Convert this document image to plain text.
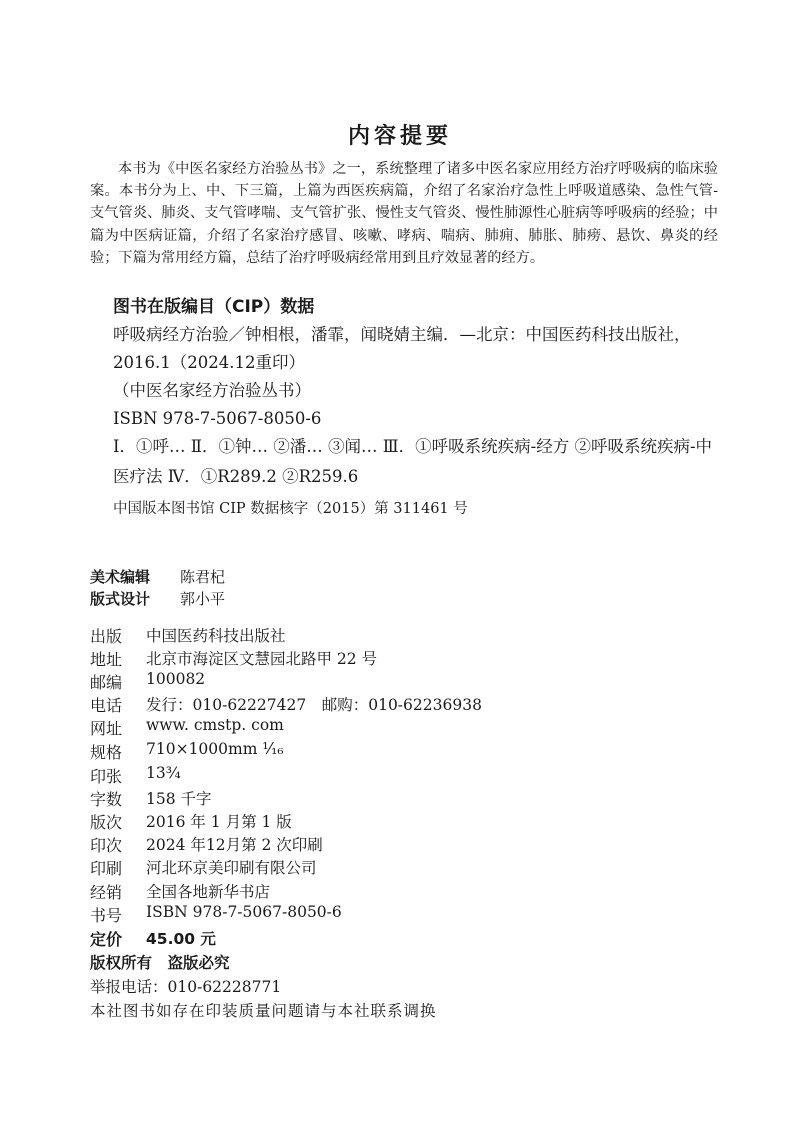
内容提要

本书为《中医名家经方治验丛书》之一，系统整理了诸多中医名家应用经方治疗呼吸病的临床验案。本书分为上、中、下三篇，上篇为西医疾病篇，介绍了名家治疗急性上呼吸道感染、急性气管-支气管炎、肺炎、支气管哮喘、支气管扩张、慢性支气管炎、慢性肺源性心脏病等呼吸病的经验；中篇为中医病证篇，介绍了名家治疗感冒、咳嗽、哮病、喘病、肺痈、肺胀、肺痨、悬饮、鼻炎的经验；下篇为常用经方篇，总结了治疗呼吸病经常用到且疗效显著的经方。

图书在版编目（CIP）数据

呼吸病经方治验／钟相根，潘霏，闻晓婧主编．—北京：中国医药科技出版社，2016.1（2024.12重印）

（中医名家经方治验丛书）

ISBN 978-7-5067-8050-6

Ⅰ．①呼… Ⅱ．①钟… ②潘… ③闻… Ⅲ．①呼吸系统疾病-经方 ②呼吸系统疾病-中医疗法 Ⅳ．①R289.2 ②R259.6

中国版本图书馆 CIP 数据核字（2015）第 311461 号
美术编辑 陈君杞
版式设计 郭小平
出版 中国医药科技出版社
地址 北京市海淀区文慧园北路甲 22 号
邮编 100082
电话 发行：010-62227427　邮购：010-62236938
网址 www. cmstp. com
规格 710×1000mm ¹⁄₁₆
印张 13¾
字数 158 千字
版次 2016 年 1 月第 1 版
印次 2024 年12月第 2 次印刷
印刷 河北环京美印刷有限公司
经销 全国各地新华书店
书号 ISBN 978-7-5067-8050-6
定价 45.00 元
版权所有　盗版必究
举报电话：010-62228771
本社图书如存在印装质量问题请与本社联系调换
